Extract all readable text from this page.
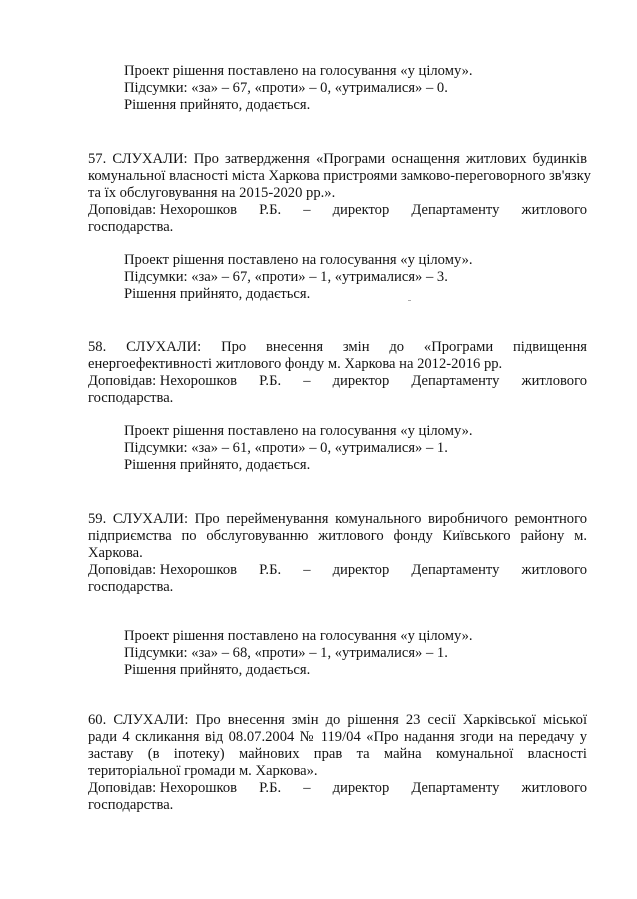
Проект рішення поставлено на голосування «у цілому».
Підсумки: «за» – 67, «проти» – 0, «утрималися» – 0.
Рішення прийнято, додається.
57. СЛУХАЛИ: Про затвердження «Програми оснащення житлових будинків
комунальної власності міста Харкова пристроями замково-переговорного зв'язку
та їх обслуговування на 2015-2020 рр.».
Доповідав: Нехорошков Р.Б. – директор Департаменту житлового
господарства.
Проект рішення поставлено на голосування «у цілому».
Підсумки: «за» – 67, «проти» – 1, «утрималися» – 3.
Рішення прийнято, додається.
58. СЛУХАЛИ: Про внесення змін до «Програми підвищення
енергоефективності житлового фонду м. Харкова на 2012-2016 рр.
Доповідав: Нехорошков Р.Б. – директор Департаменту житлового
господарства.
Проект рішення поставлено на голосування «у цілому».
Підсумки: «за» – 61, «проти» – 0, «утрималися» – 1.
Рішення прийнято, додається.
59. СЛУХАЛИ: Про перейменування комунального виробничого ремонтного
підприємства по обслуговуванню житлового фонду Київського району м.
Харкова.
Доповідав: Нехорошков Р.Б. – директор Департаменту житлового
господарства.
Проект рішення поставлено на голосування «у цілому».
Підсумки: «за» – 68, «проти» – 1, «утрималися» – 1.
Рішення прийнято, додається.
60. СЛУХАЛИ: Про внесення змін до рішення 23 сесії Харківської міської
ради 4 скликання від 08.07.2004 № 119/04 «Про надання згоди на передачу у
заставу (в іпотеку) майнових прав та майна комунальної власності
територіальної громади м. Харкова».
Доповідав: Нехорошков Р.Б. – директор Департаменту житлового
господарства.
